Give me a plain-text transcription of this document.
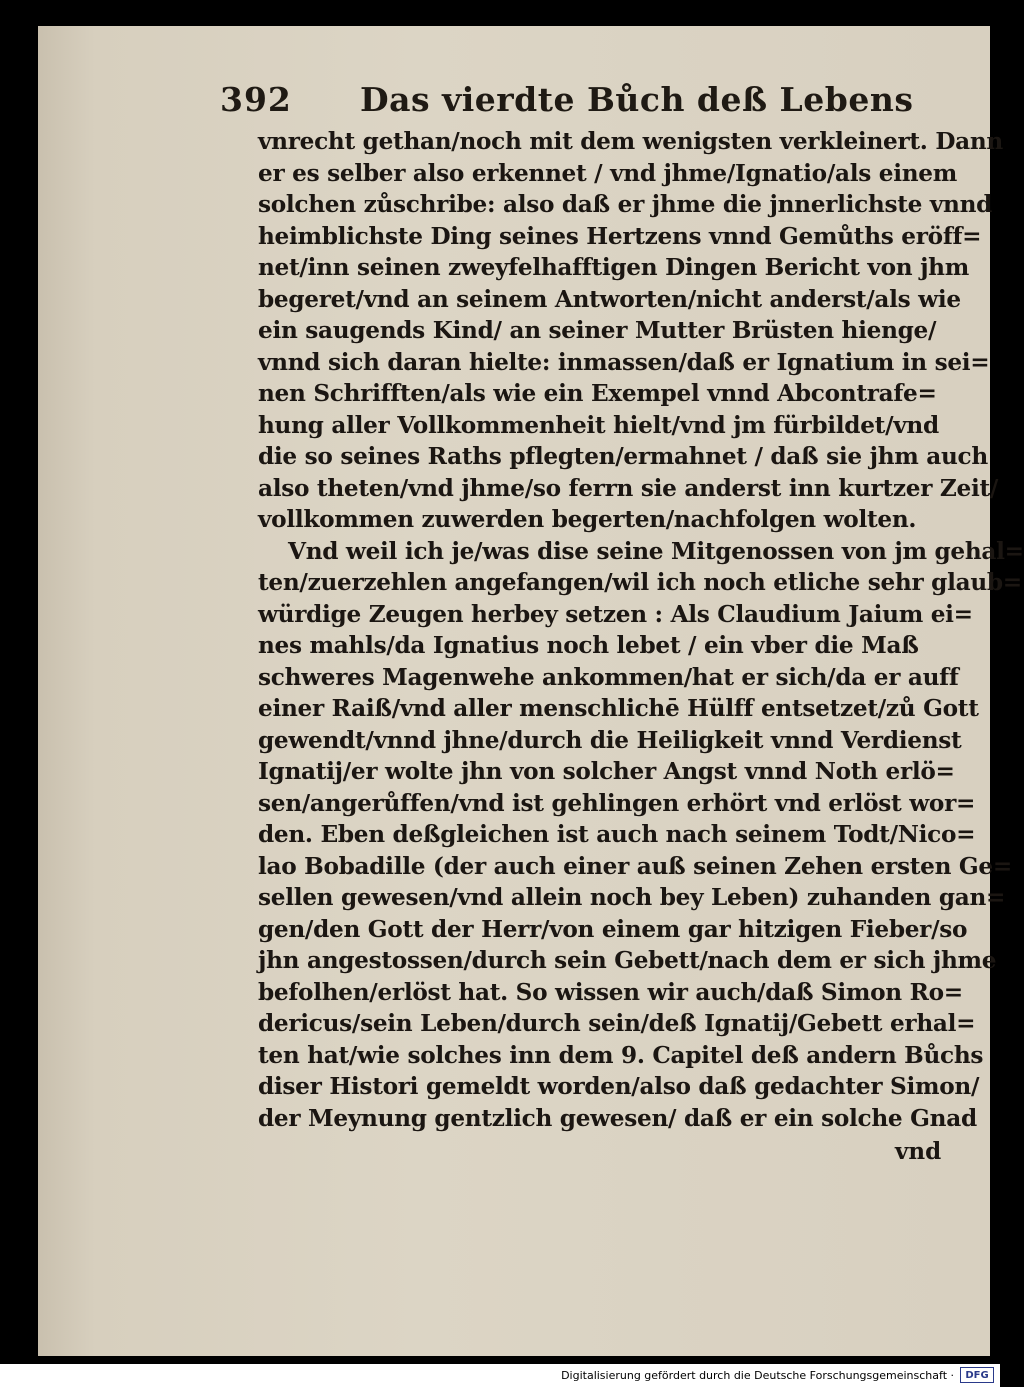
392 Das vierdte Bůch deß Lebens
vnrecht gethan/noch mit dem wenigsten verkleinert. Dann
er es selber also erkennet / vnd jhme/Ignatio/als einem
solchen zůschribe: also daß er jhme die jnnerlichste vnnd
heimblichste Ding seines Hertzens vnnd Gemůths eröff=
net/inn seinen zweyfelhafftigen Dingen Bericht von jhm
begeret/vnd an seinem Antworten/nicht anderst/als wie
ein saugends Kind/ an seiner Mutter Brüsten hienge/
vnnd sich daran hielte: inmassen/daß er Ignatium in sei=
nen Schrifften/als wie ein Exempel vnnd Abcontrafe=
hung aller Vollkommenheit hielt/vnd jm fürbildet/vnd
die so seines Raths pflegten/ermahnet / daß sie jhm auch
also theten/vnd jhme/so ferrn sie anderst inn kurtzer Zeit/
vollkommen zuwerden begerten/nachfolgen wolten.
Vnd weil ich je/was dise seine Mitgenossen von jm gehal=
ten/zuerzehlen angefangen/wil ich noch etliche sehr glaub=
würdige Zeugen herbey setzen : Als Claudium Jaium ei=
nes mahls/da Ignatius noch lebet / ein vber die Maß
schweres Magenwehe ankommen/hat er sich/da er auff
einer Raiß/vnd aller menschlichē Hülff entsetzet/zů Gott
gewendt/vnnd jhne/durch die Heiligkeit vnnd Verdienst
Ignatij/er wolte jhn von solcher Angst vnnd Noth erlö=
sen/angerůffen/vnd ist gehlingen erhört vnd erlöst wor=
den. Eben deßgleichen ist auch nach seinem Todt/Nico=
lao Bobadille (der auch einer auß seinen Zehen ersten Ge=
sellen gewesen/vnd allein noch bey Leben) zuhanden gan=
gen/den Gott der Herr/von einem gar hitzigen Fieber/so
jhn angestossen/durch sein Gebett/nach dem er sich jhme
befolhen/erlöst hat. So wissen wir auch/daß Simon Ro=
dericus/sein Leben/durch sein/deß Ignatij/Gebett erhal=
ten hat/wie solches inn dem 9. Capitel deß andern Bůchs
diser Histori gemeldt worden/also daß gedachter Simon/
der Meynung gentzlich gewesen/ daß er ein solche Gnad
vnd
Digitalisierung gefördert durch die Deutsche Forschungsgemeinschaft ·	DFG
